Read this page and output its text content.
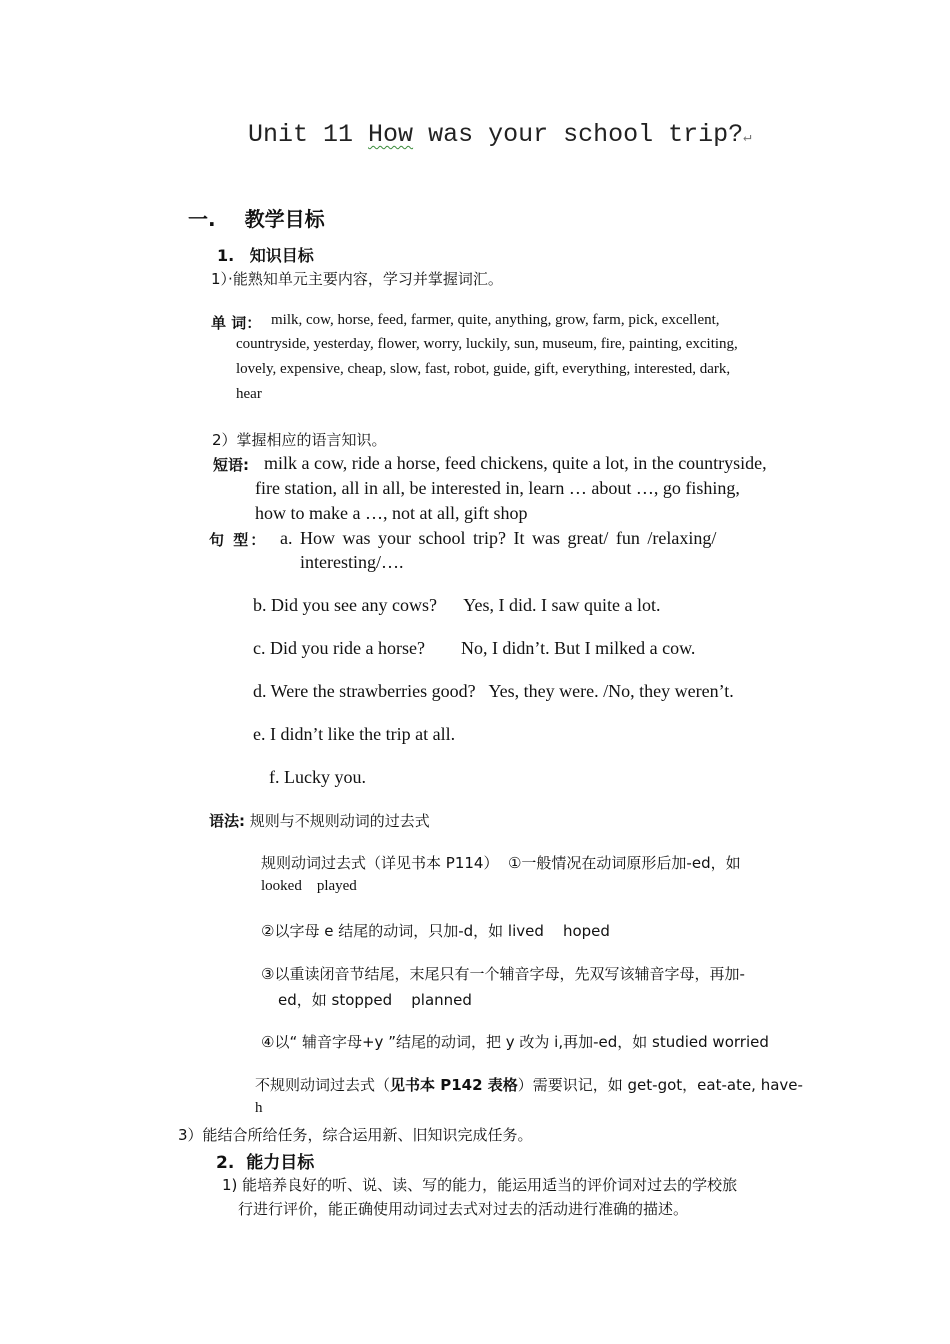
Unit 11 How was your school trip?↵
一. 教学目标
1. 知识目标
1）·能熟知单元主要内容，学习并掌握词汇。
单 词： milk, cow, horse, feed, farmer, quite, anything, grow, farm, pick, excellent,
countryside, yesterday, flower, worry, luckily, sun, museum, fire, painting, exciting,
lovely, expensive, cheap, slow, fast, robot, guide, gift, everything, interested, dark,
hear
2）掌握相应的语言知识。
短语: milk a cow, ride a horse, feed chickens, quite a lot, in the countryside,
fire station, all in all, be interested in, learn … about …, go fishing,
how to make a …, not at all, gift shop
句 型： a. How was your school trip? It was great/ fun /relaxing/
interesting/….
b. Did you see any cows?      Yes, I did. I saw quite a lot.
c. Did you ride a horse?        No, I didn’t. But I milked a cow.
d. Were the strawberries good?   Yes, they were. /No, they weren’t.
e. I didn’t like the trip at all.
f. Lucky you.
语法: 规则与不规则动词的过去式
规则动词过去式（详见书本 P114）  ①一般情况在动词原形后加-ed，如
looked    played
②以字母 e 结尾的动词，只加-d，如 lived    hoped
③以重读闭音节结尾，末尾只有一个辅音字母，先双写该辅音字母，再加-
ed，如 stopped    planned
④以“ 辅音字母+y ”结尾的动词，把 y 改为 i,再加-ed，如 studied worried
不规则动词过去式（见书本 P142 表格）需要识记，如 get-got，eat-ate, have-
h
3）能结合所给任务，综合运用新、旧知识完成任务。
2. 能力目标
1) 能培养良好的听、说、读、写的能力，能运用适当的评价词对过去的学校旅
行进行评价，能正确使用动词过去式对过去的活动进行准确的描述。
